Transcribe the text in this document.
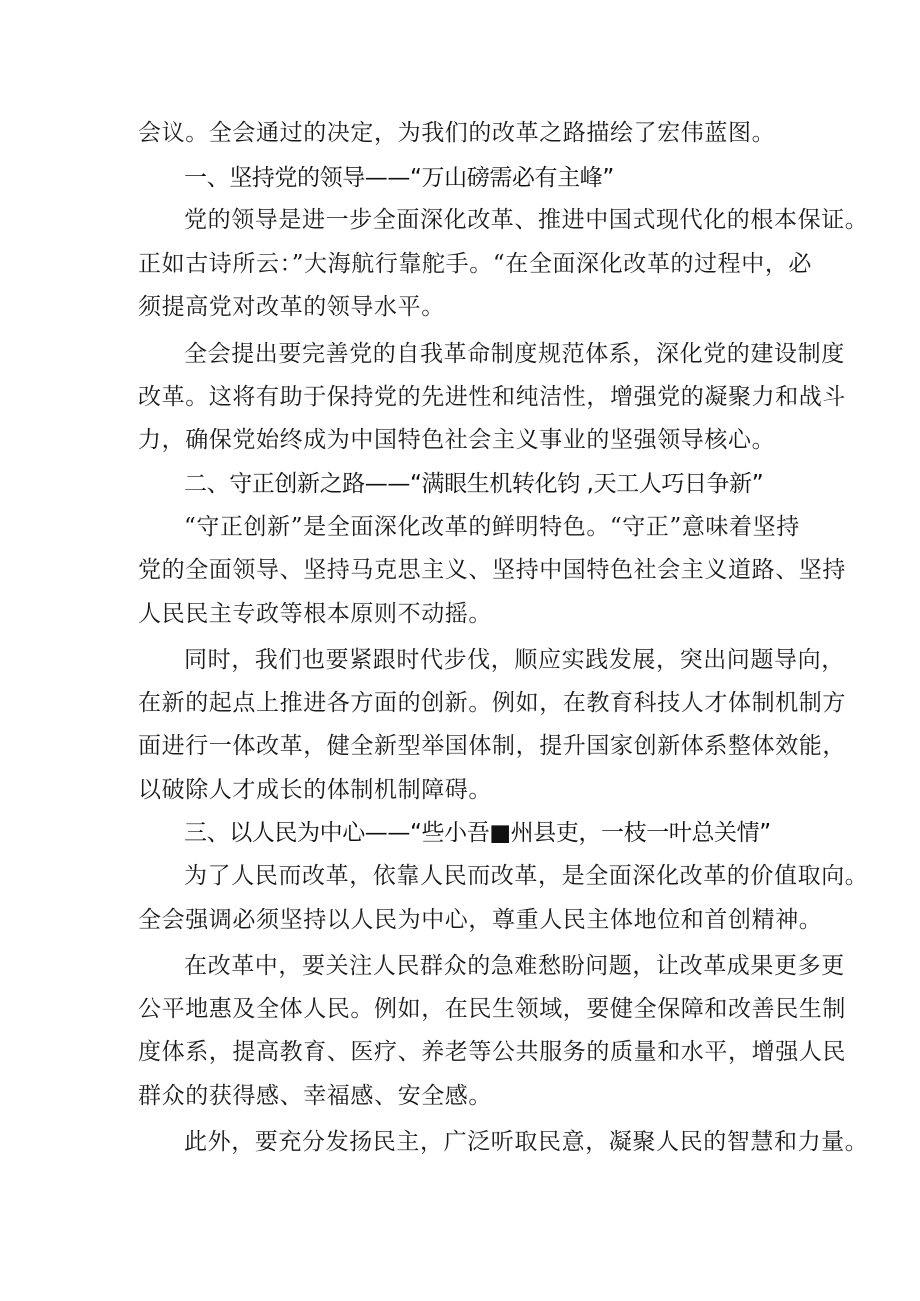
会议。全会通过的决定，为我们的改革之路描绘了宏伟蓝图。
一、坚持党的领导——“万山磅需必有主峰”
党的领导是进一步全面深化改革、推进中国式现代化的根本保证。
正如古诗所云：”大海航行靠舵手。“在全面深化改革的过程中，必
须提高党对改革的领导水平。
全会提出要完善党的自我革命制度规范体系，深化党的建设制度
改革。这将有助于保持党的先进性和纯洁性，增强党的凝聚力和战斗
力，确保党始终成为中国特色社会主义事业的坚强领导核心。
二、守正创新之路——“满眼生机转化钧 ,天工人巧日争新”
“守正创新”是全面深化改革的鲜明特色。“守正”意味着坚持
党的全面领导、坚持马克思主义、坚持中国特色社会主义道路、坚持
人民民主专政等根本原则不动摇。
同时，我们也要紧跟时代步伐，顺应实践发展，突出问题导向，
在新的起点上推进各方面的创新。例如，在教育科技人才体制机制方
面进行一体改革，健全新型举国体制，提升国家创新体系整体效能，
以破除人才成长的体制机制障碍。
三、以人民为中心——“些小吾■州县吏，一枝一叶总关情”
为了人民而改革，依靠人民而改革，是全面深化改革的价值取向。
全会强调必须坚持以人民为中心，尊重人民主体地位和首创精神。
在改革中，要关注人民群众的急难愁盼问题，让改革成果更多更
公平地惠及全体人民。例如，在民生领域，要健全保障和改善民生制
度体系，提高教育、医疗、养老等公共服务的质量和水平，增强人民
群众的获得感、幸福感、安全感。
此外，要充分发扬民主，广泛听取民意，凝聚人民的智慧和力量。
